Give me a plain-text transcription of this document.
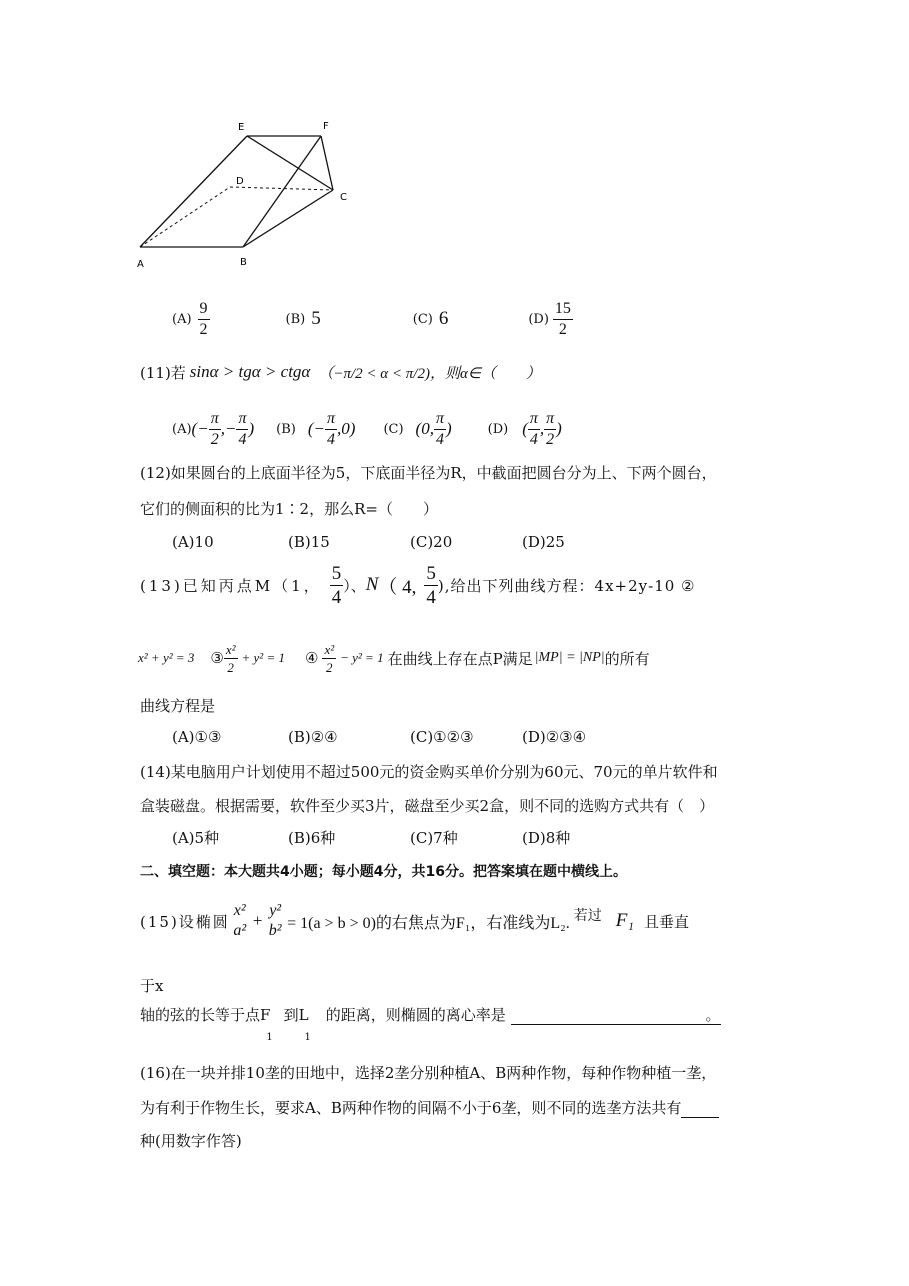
E	F
D
C
A	B
$(A) \frac{9}{2}$	(B) 5	(C) 6	$(D) \frac{15}{2}$
(11)若 sinα > tgα > ctgα （−π/2 < α < π/2)，则α∈（　　）
(A) (− $\frac{\pi}{2}$ ,− $\frac{\pi}{4}$ ) (B) (− $\frac{\pi}{4} ,0$) (C) (0, $\frac{\pi}{4}$ )	(D) ( $\frac{\pi}{4}$ , $\frac{\pi}{2}$ )
(12)如果圆台的上底面半径为5，下底面半径为R，中截面把圆台分为上、下两个圆台，
它们的侧面积的比为1∶2，那么R=（　　）
(A)10	(B)15	(C)20	(D)25
(13)已知丙点M（1， $\frac{5}{4}$ ）、 N （ 4, $\frac{5}{4}$ ),给出下列曲线方程：4x+2y-10 ②
x² + y² = 3 ③ $\frac{\text{x²}}{2} + y^2 = 1$ ④ $\frac{\text{x²}}{2} - y^2 = 1$ 在曲线上存在点P满足 |MP| = |NP| 的所有
曲线方程是
(A)①③	(B)②④	(C)①②③	(D)②③④
(14)某电脑用户计划使用不超过500元的资金购买单价分别为60元、70元的单片软件和
盒装磁盘。根据需要，软件至少买3片，磁盘至少买2盒，则不同的选购方式共有（　）
(A)5种	(B)6种	(C)7种	(D)8种
二、填空题：本大题共4小题；每小题4分，共16分。把答案填在题中横线上。
(15)设椭圆
x²
a²
+
y²
b² = 1(a > b > 0)的右焦点为F₁，右准线为L₂. 若过 F₁ 且垂直
于x
轴的弦的长等于点$F_1$ 到$L_1$ 的距离，则椭圆的离心率是	。
(16)在一块并排10垄的田地中，选择2垄分别种植A、B两种作物，每种作物种植一垄，
为有利于作物生长，要求A、B两种作物的间隔不小于6垄，则不同的选垄方法共有
种(用数字作答)
